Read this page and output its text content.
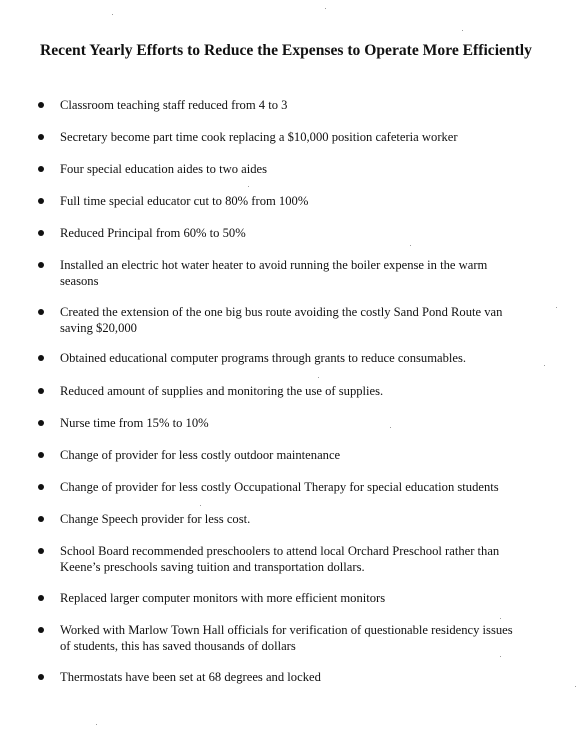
Recent Yearly Efforts to Reduce the Expenses to Operate More Efficiently
Classroom teaching staff reduced from 4 to 3
Secretary become part time cook replacing a $10,000 position cafeteria worker
Four special education aides to two aides
Full time special educator cut to 80% from 100%
Reduced Principal from 60% to 50%
Installed an electric hot water heater to avoid running the boiler expense in the warm seasons
Created the extension of the one big bus route avoiding the costly Sand Pond Route van saving $20,000
Obtained educational computer programs through grants to reduce consumables.
Reduced amount of supplies and monitoring the use of supplies.
Nurse time from 15% to 10%
Change of provider for less costly outdoor maintenance
Change of provider for less costly Occupational Therapy for special education students
Change Speech provider for less cost.
School Board recommended preschoolers to attend local Orchard Preschool rather than Keene’s preschools saving tuition and transportation dollars.
Replaced larger computer monitors with more efficient monitors
Worked with Marlow Town Hall officials for verification of questionable residency issues of students, this has saved thousands of dollars
Thermostats have been set at 68 degrees and locked
